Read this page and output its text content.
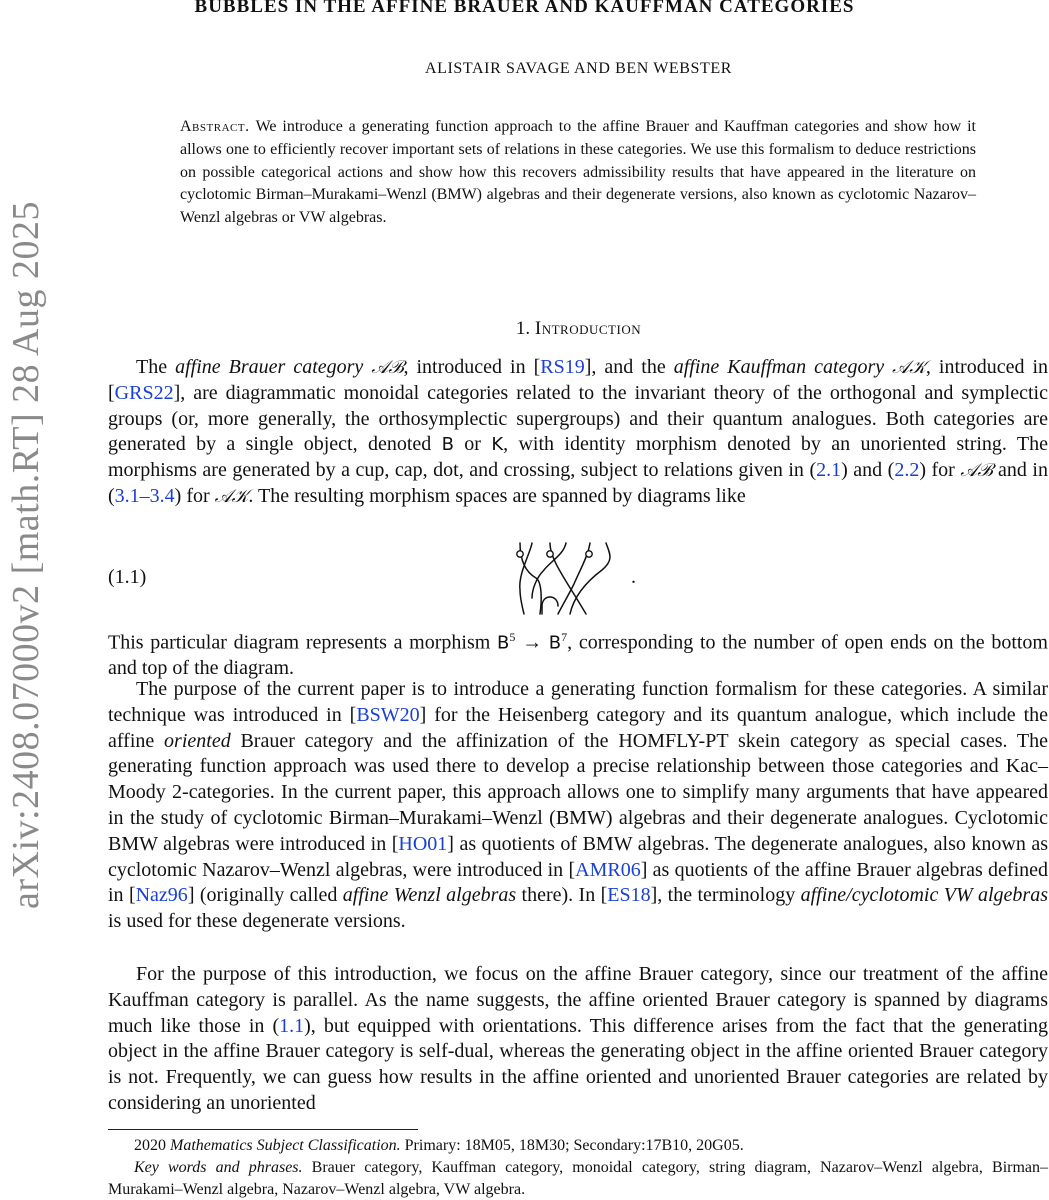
arXiv:2408.07000v2 [math.RT] 28 Aug 2025
BUBBLES IN THE AFFINE BRAUER AND KAUFFMAN CATEGORIES
ALISTAIR SAVAGE AND BEN WEBSTER
Abstract. We introduce a generating function approach to the affine Brauer and Kauffman categories and show how it allows one to efficiently recover important sets of relations in these categories. We use this formalism to deduce restrictions on possible categorical actions and show how this recovers admissibility results that have appeared in the literature on cyclotomic Birman–Murakami–Wenzl (BMW) algebras and their degenerate versions, also known as cyclotomic Nazarov–Wenzl algebras or VW algebras.
1. Introduction

The affine Brauer category 𝒜ℬ, introduced in [RS19], and the affine Kauffman category 𝒜𝒦, introduced in [GRS22], are diagrammatic monoidal categories related to the invariant theory of the orthogonal and symplectic groups (or, more generally, the orthosymplectic supergroups) and their quantum analogues. Both categories are generated by a single object, denoted B or K, with identity morphism denoted by an unoriented string. The morphisms are generated by a cup, cap, dot, and crossing, subject to relations given in (2.1) and (2.2) for 𝒜ℬ and in (3.1–3.4) for 𝒜𝒦. The resulting morphism spaces are spanned by diagrams like

(1.1)	.

This particular diagram represents a morphism $B^5 \to B^7$, corresponding to the number of open ends on the bottom and top of the diagram.

The purpose of the current paper is to introduce a generating function formalism for these categories. A similar technique was introduced in [BSW20] for the Heisenberg category and its quantum analogue, which include the affine oriented Brauer category and the affinization of the HOMFLY-PT skein category as special cases. The generating function approach was used there to develop a precise relationship between those categories and Kac–Moody 2-categories. In the current paper, this approach allows one to simplify many arguments that have appeared in the study of cyclotomic Birman–Murakami–Wenzl (BMW) algebras and their degenerate analogues. Cyclotomic BMW algebras were introduced in [HO01] as quotients of BMW algebras. The degenerate analogues, also known as cyclotomic Nazarov–Wenzl algebras, were introduced in [AMR06] as quotients of the affine Brauer algebras defined in [Naz96] (originally called affine Wenzl algebras there). In [ES18], the terminology affine/cyclotomic VW algebras is used for these degenerate versions.

For the purpose of this introduction, we focus on the affine Brauer category, since our treatment of the affine Kauffman category is parallel. As the name suggests, the affine oriented Brauer category is spanned by diagrams much like those in (1.1), but equipped with orientations. This difference arises from the fact that the generating object in the affine Brauer category is self-dual, whereas the generating object in the affine oriented Brauer category is not. Frequently, we can guess how results in the affine oriented and unoriented Brauer categories are related by considering an unoriented

2020 Mathematics Subject Classification. Primary: 18M05, 18M30; Secondary:17B10, 20G05.

Key words and phrases. Brauer category, Kauffman category, monoidal category, string diagram, Nazarov–Wenzl algebra, Birman–Murakami–Wenzl algebra, Nazarov–Wenzl algebra, VW algebra.
